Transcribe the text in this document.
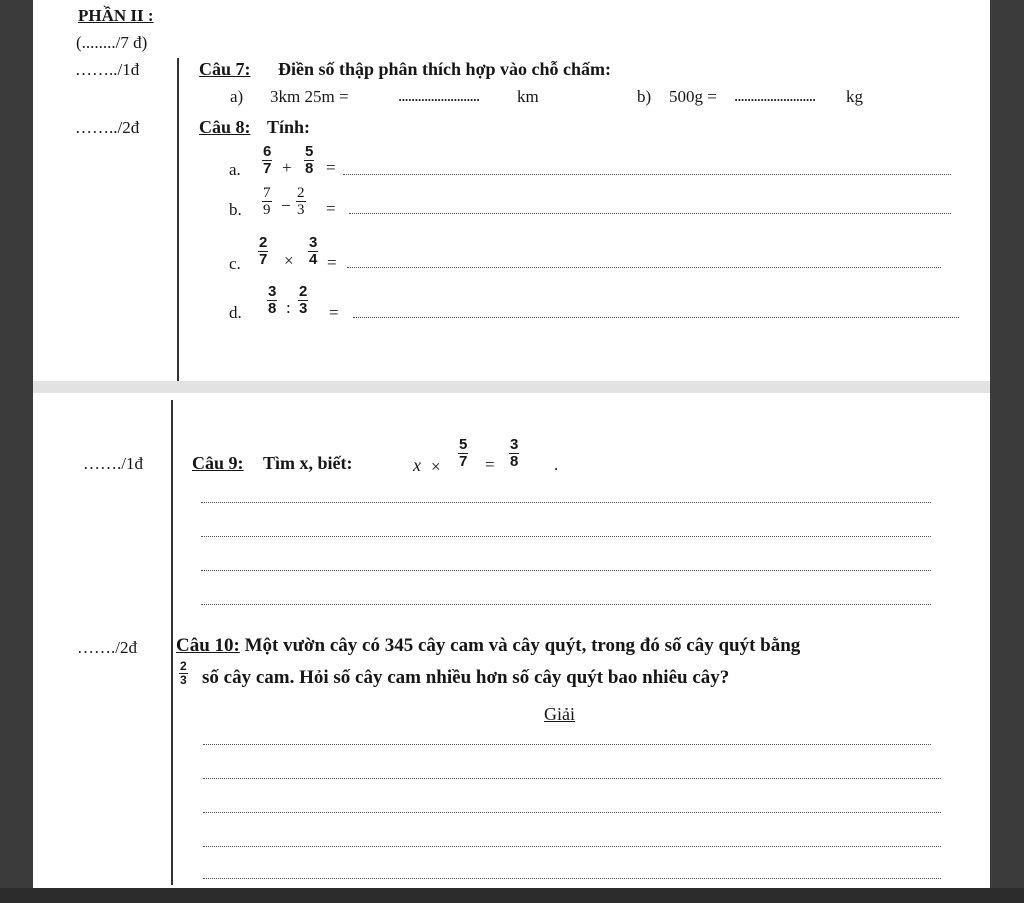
PHẦN II :
(......../7 đ)
……../1đ	Câu 7: Điền số thập phân thích hợp vào chỗ chấm:
a) 3km 25m =	......................... km	b) 500g = ......................... kg
……../2đ	Câu 8: Tính:
a. $\frac{6}{7} + \frac{5}{8}$ =
b. $\frac{7}{9} - \frac{2}{3}$ =
c. $\frac{2}{7} \times \frac{3}{4}$ =
d. $\frac{3}{8}$ : $\frac{2}{3}$ =
……./1đ	Câu 9: Tìm x, biết:	$x \times \frac{5}{7} = \frac{3}{8}$ .
……./2đ Câu 10: Một vườn cây có 345 cây cam và cây quýt, trong đó số cây quýt bằng
$\frac{2}{3}$ số cây cam. Hỏi số cây cam nhiều hơn số cây quýt bao nhiêu cây?
Giải
